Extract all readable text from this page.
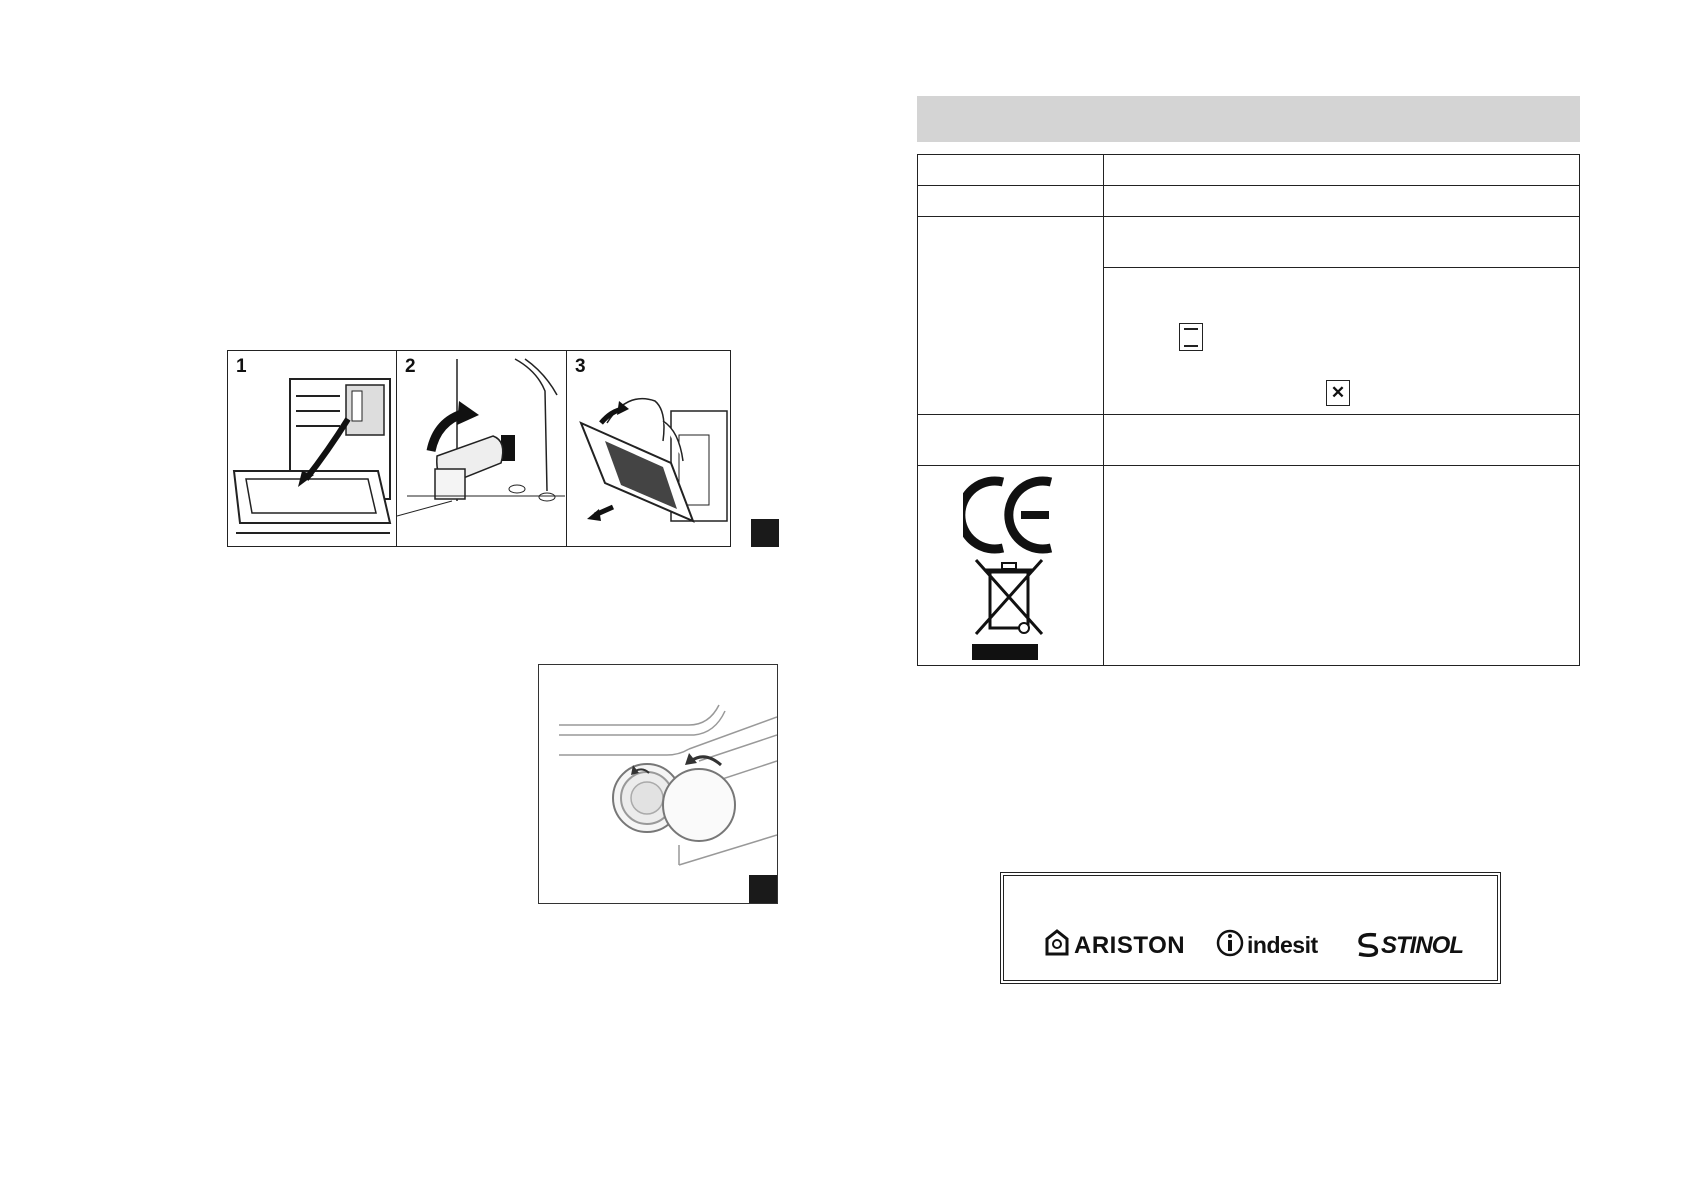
1	2	3

	✕

ARISTON	indesit	STINOL
